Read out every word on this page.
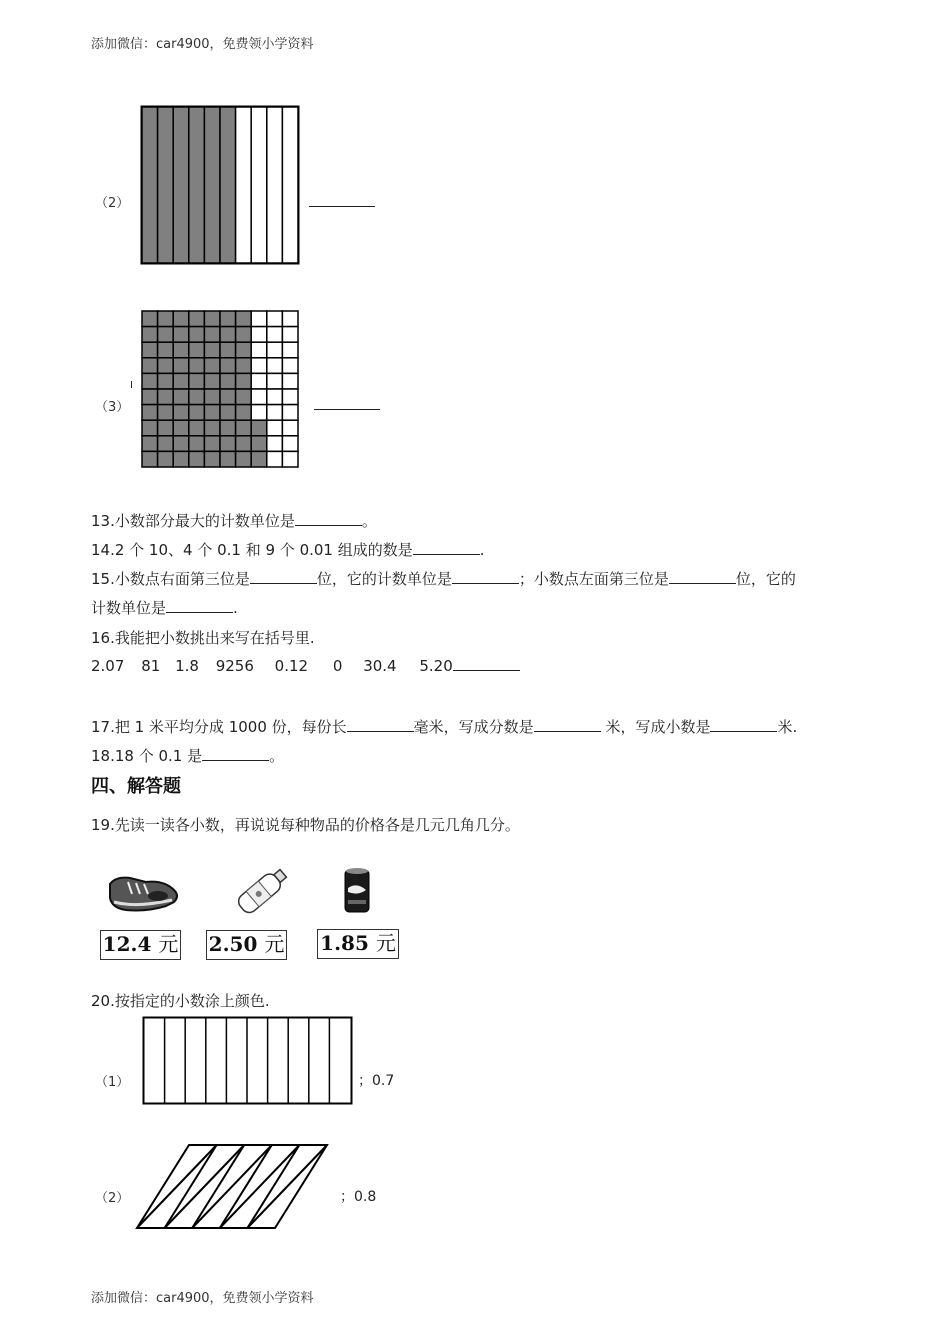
添加微信：car4900，免费领小学资料
（2）
（3）
I
13.小数部分最大的计数单位是	。
14.2 个 10、4 个 0.1 和 9 个 0.01 组成的数是	.
15.小数点右面第三位是	位，它的计数单位是	；小数点左面第三位是	位，它的
计数单位是	.
16.我能把小数挑出来写在括号里.
2.07 81 1.8 9256 0.12 0 30.4 5.20
17.把 1 米平均分成 1000 份，每份长	毫米，写成分数是	米，写成小数是	米.
18.18 个 0.1 是	。
四、解答题
19.先读一读各小数，再说说每种物品的价格各是几元几角几分。
12.4 元 2.50 元 1.85 元
20.按指定的小数涂上颜色.
（1）	；0.7
（2）	；0.8
添加微信：car4900，免费领小学资料
